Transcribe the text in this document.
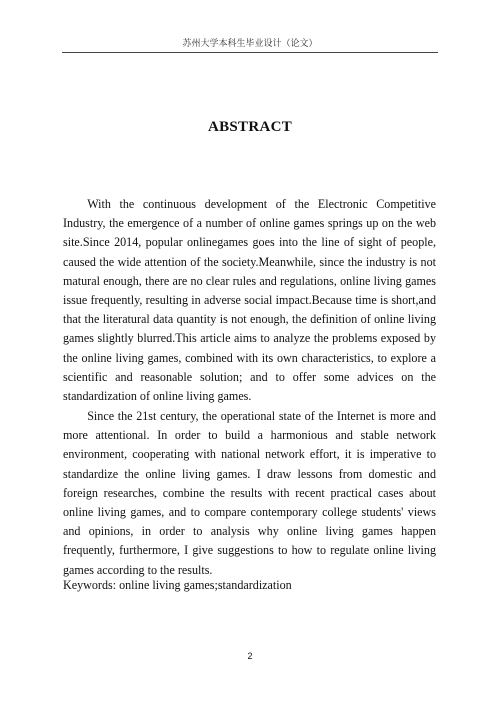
苏州大学本科生毕业设计（论文）
ABSTRACT

With the continuous development of the Electronic Competitive Industry, the emergence of a number of online games springs up on the web site.Since 2014, popular onlinegames goes into the line of sight of people, caused the wide attention of the society.Meanwhile, since the industry is not matural enough, there are no clear rules and regulations, online living games issue frequently, resulting in adverse social impact.Because time is short,and that the literatural data quantity is not enough, the definition of online living games slightly blurred.This article aims to analyze the problems exposed by the online living games, combined with its own characteristics, to explore a scientific and reasonable solution; and to offer some advices on the standardization of online living games.

Since the 21st century, the operational state of the Internet is more and more attentional. In order to build a harmonious and stable network environment, cooperating with national network effort, it is imperative to standardize the online living games. I draw lessons from domestic and foreign researches, combine the results with recent practical cases about online living games, and to compare contemporary college students' views and opinions, in order to analysis why online living games happen frequently, furthermore, I give suggestions to how to regulate online living games according to the results.

Keywords: online living games;standardization
2
